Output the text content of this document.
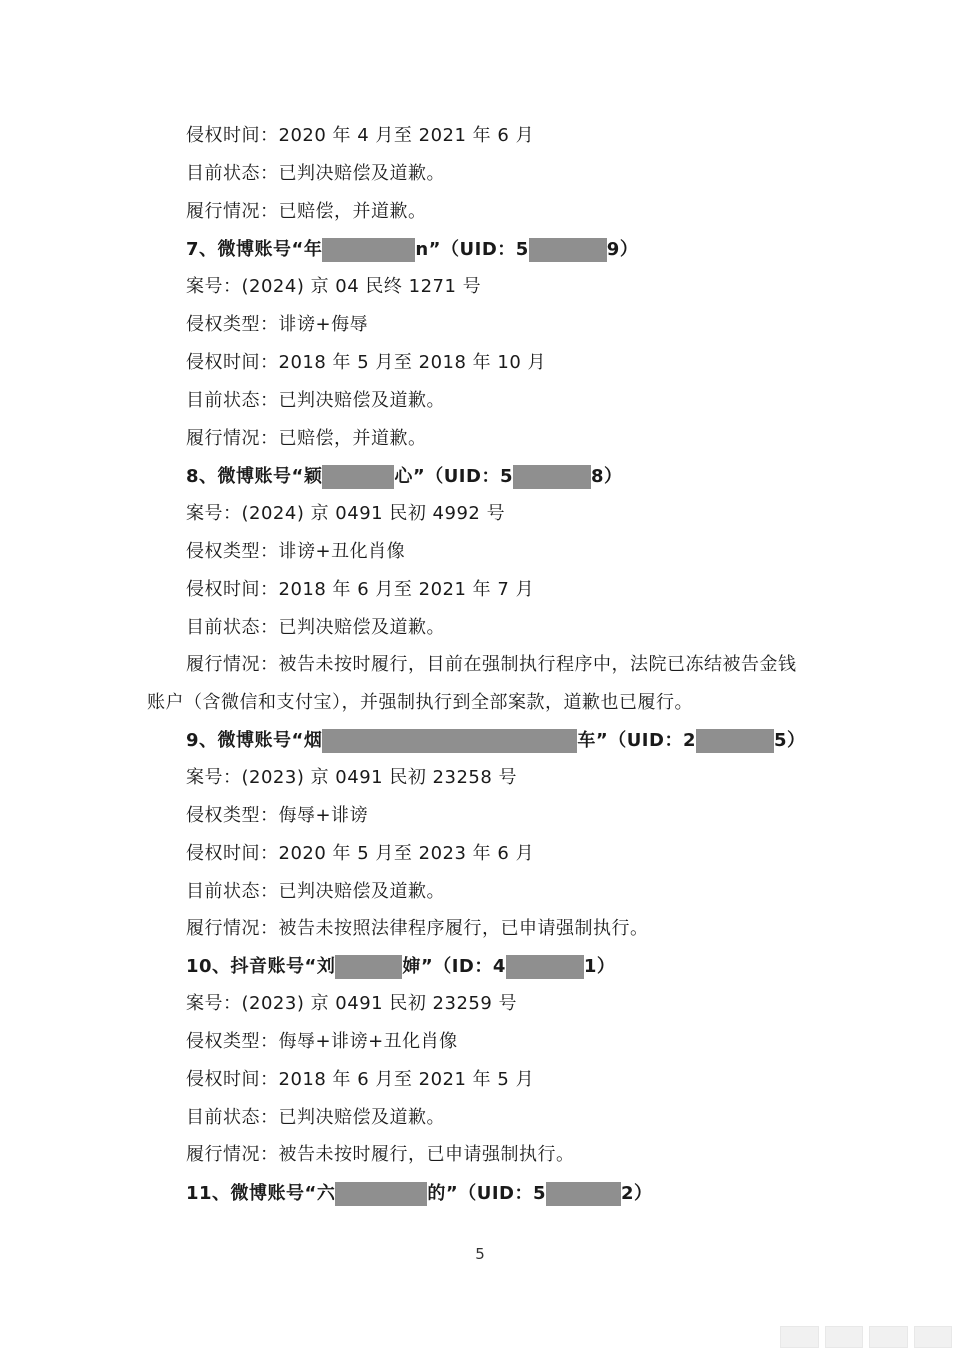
侵权时间：2020 年 4 月至 2021 年 6 月
目前状态：已判决赔偿及道歉。
履行情况：已赔偿，并道歉。
7、微博账号“年	n”（UID：5	9）
案号：(2024) 京 04 民终 1271 号
侵权类型：诽谤+侮辱
侵权时间：2018 年 5 月至 2018 年 10 月
目前状态：已判决赔偿及道歉。
履行情况：已赔偿，并道歉。
8、微博账号“颖	心”（UID：5	8）
案号：(2024) 京 0491 民初 4992 号
侵权类型：诽谤+丑化肖像
侵权时间：2018 年 6 月至 2021 年 7 月
目前状态：已判决赔偿及道歉。
履行情况：被告未按时履行，目前在强制执行程序中，法院已冻结被告金钱
账户（含微信和支付宝），并强制执行到全部案款，道歉也已履行。
9、微博账号“烟	车”（UID：2	5）
案号：(2023) 京 0491 民初 23258 号
侵权类型：侮辱+诽谤
侵权时间：2020 年 5 月至 2023 年 6 月
目前状态：已判决赔偿及道歉。
履行情况：被告未按照法律程序履行，已申请强制执行。
10、抖音账号“刘	婶”（ID：4	1）
案号：(2023) 京 0491 民初 23259 号
侵权类型：侮辱+诽谤+丑化肖像
侵权时间：2018 年 6 月至 2021 年 5 月
目前状态：已判决赔偿及道歉。
履行情况：被告未按时履行，已申请强制执行。
11、微博账号“六	的”（UID：5	2）
5
